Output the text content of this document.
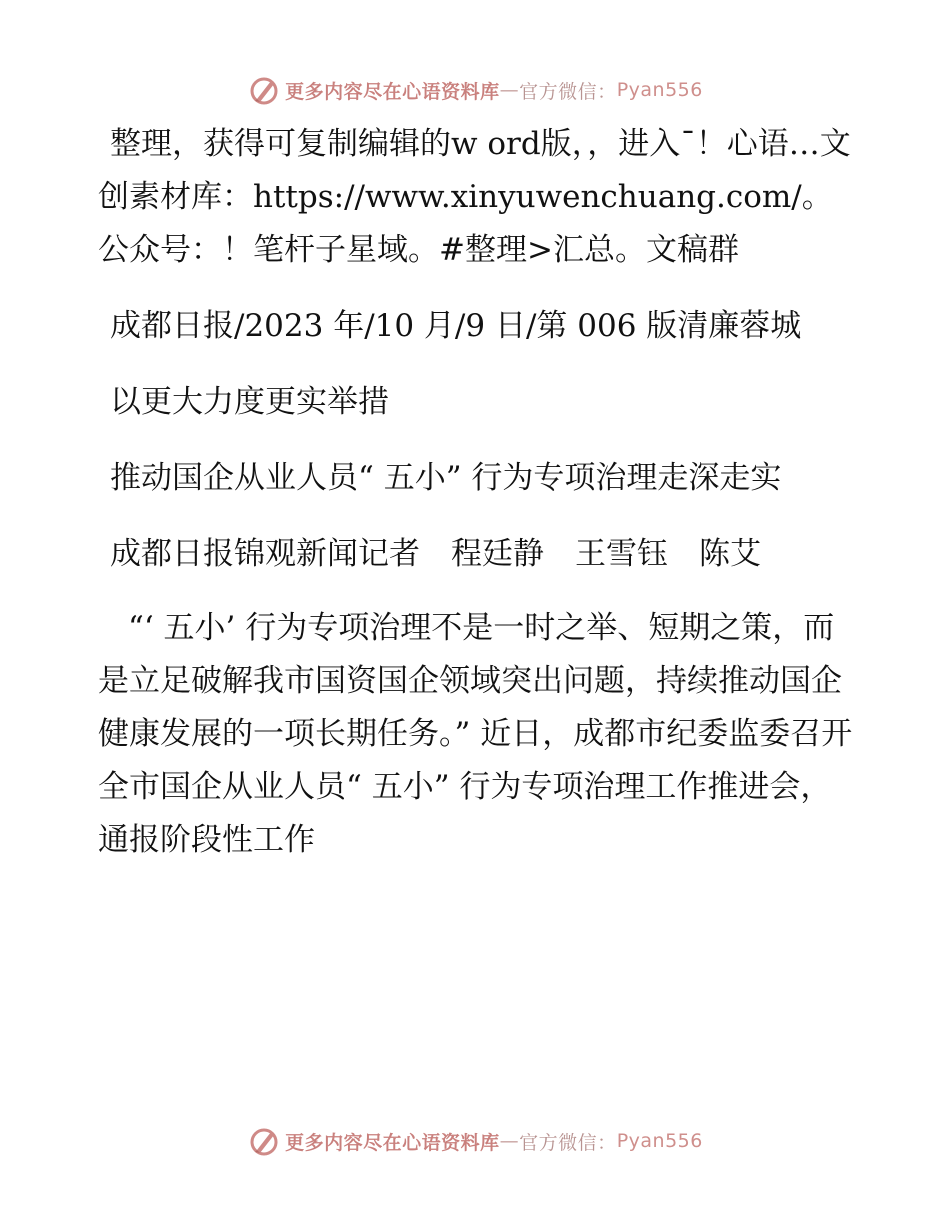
更多内容尽在心语资料库 — 官方微信： Pyan556

整理，获得可复制编辑的w ord版，，进入¯！心语…文创素材库：https://www.xinyuwenchuang.com/。公众号：！笔杆子星域。#整理>汇总。文稿群

成都日报/2023 年/10 月/9 日/第 006 版清廉蓉城

以更大力度更实举措

推动国企从业人员“ 五小” 行为专项治理走深走实

成都日报锦观新闻记者　程廷静　王雪钰　陈艾

“‘ 五小’ 行为专项治理不是一时之举、短期之策，而是立足破解我市国资国企领域突出问题，持续推动国企健康发展的一项长期任务。” 近日，成都市纪委监委召开全市国企从业人员“ 五小” 行为专项治理工作推进会，通报阶段性工作

更多内容尽在心语资料库 — 官方微信： Pyan556
